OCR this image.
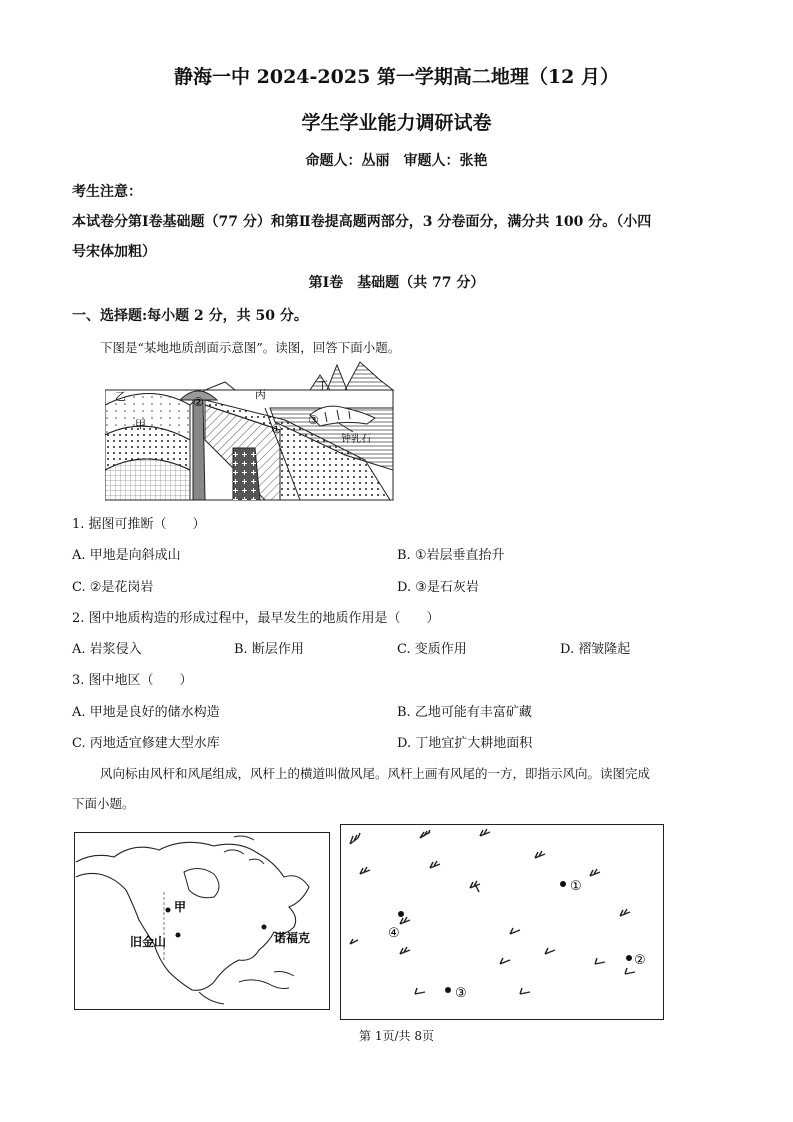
静海一中 2024-2025 第一学期高二地理（12 月）
学生学业能力调研试卷
命题人：丛丽　审题人：张艳
考生注意：
本试卷分第Ⅰ卷基础题（77 分）和第Ⅱ卷提高题两部分，3 分卷面分，满分共 100 分。（小四
号宋体加粗）
第Ⅰ卷　基础题（共 77 分）
一、选择题:每小题 2 分，共 50 分。
下图是“某地地质剖面示意图”。读图，回答下面小题。
甲
乙	丙
丁
②
①
③
钟乳石
1. 据图可推断（　　）
A. 甲地是向斜成山	B. ①岩层垂直抬升
C. ②是花岗岩	D. ③是石灰岩
2. 图中地质构造的形成过程中，最早发生的地质作用是（　　）
A. 岩浆侵入	B. 断层作用	C. 变质作用	D. 褶皱隆起
3. 图中地区（　　）
A. 甲地是良好的储水构造	B. 乙地可能有丰富矿藏
C. 丙地适宜修建大型水库	D. 丁地宜扩大耕地面积
风向标由风杆和风尾组成，风杆上的横道叫做风尾。风杆上画有风尾的一方，即指示风向。读图完成
下面小题。
甲
旧金山	诺福克
①
②
③
④
第 1页/共 8页
